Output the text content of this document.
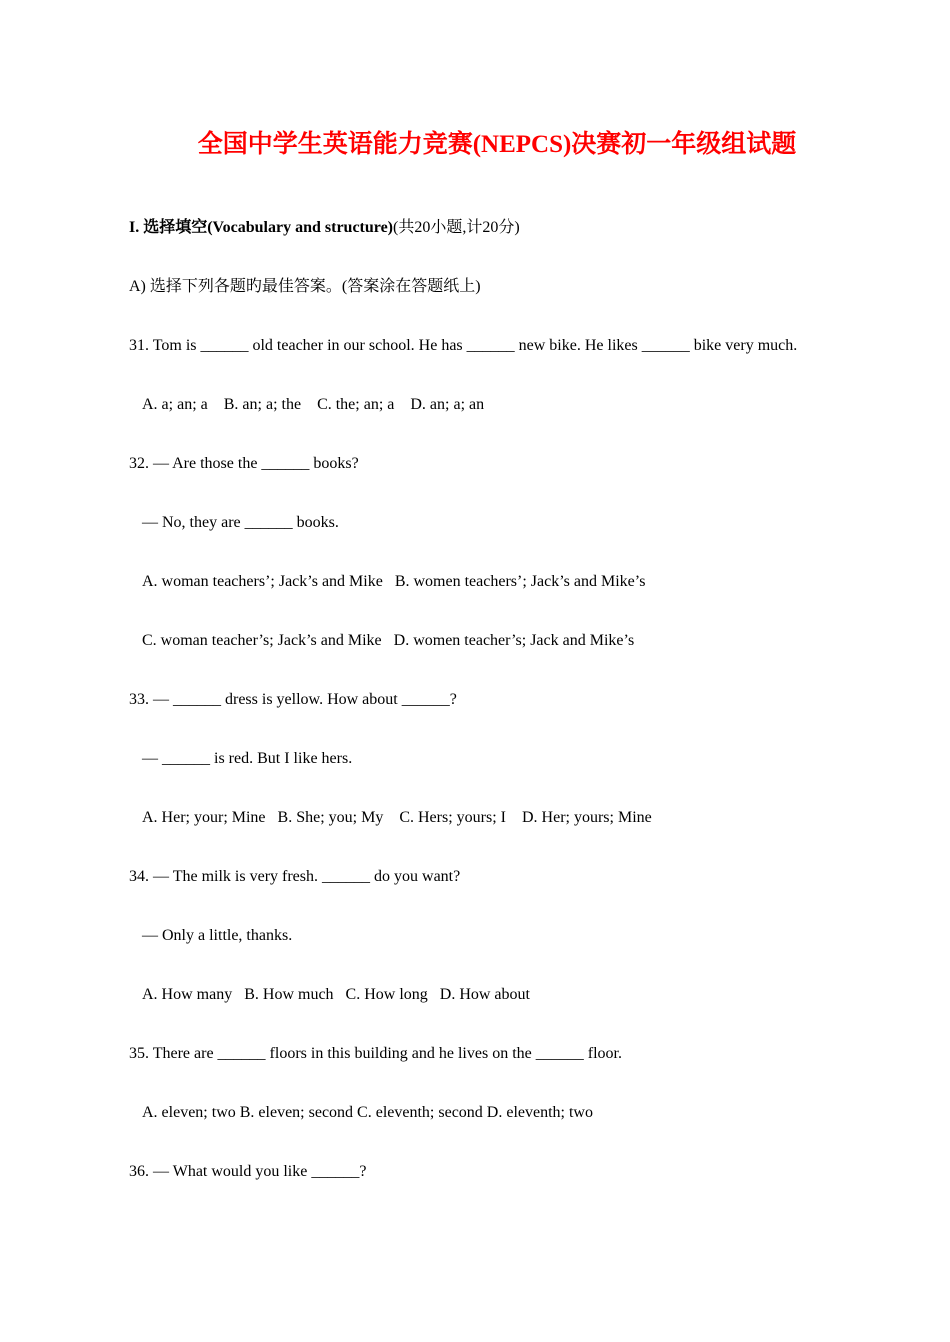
全国中学生英语能力竞赛(NEPCS)决赛初一年级组试题
I. 选择填空(Vocabulary and structure)(共20小题,计20分)
A) 选择下列各题旳最佳答案。(答案涂在答题纸上)
31. Tom is ______ old teacher in our school. He has ______ new bike. He likes ______ bike very much.
A. a; an; a    B. an; a; the    C. the; an; a    D. an; a; an
32. — Are those the ______ books?
— No, they are ______ books.
A. woman teachers’; Jack’s and Mike   B. women teachers’; Jack’s and Mike’s
C. woman teacher’s; Jack’s and Mike   D. women teacher’s; Jack and Mike’s
33. — ______ dress is yellow. How about ______?
— ______ is red. But I like hers.
A. Her; your; Mine   B. She; you; My    C. Hers; yours; I    D. Her; yours; Mine
34. — The milk is very fresh. ______ do you want?
— Only a little, thanks.
A. How many   B. How much   C. How long   D. How about
35. There are ______ floors in this building and he lives on the ______ floor.
A. eleven; two B. eleven; second C. eleventh; second D. eleventh; two
36. — What would you like ______?
